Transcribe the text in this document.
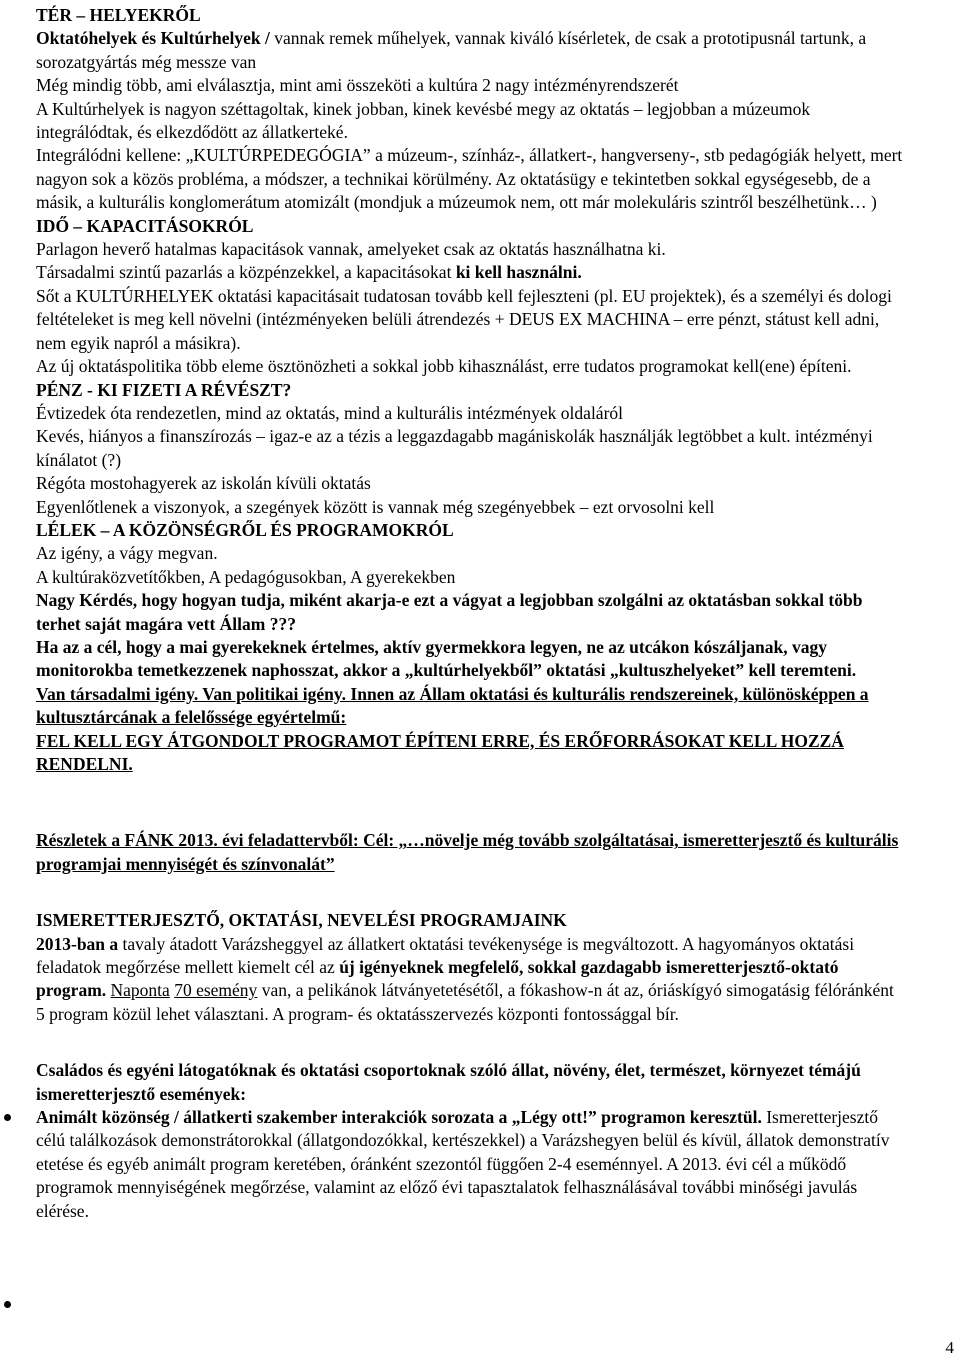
TÉR – HELYEKRŐL

Oktatóhelyek és Kultúrhelyek / vannak remek műhelyek, vannak kiváló kísérletek, de csak a prototipusnál tartunk, a sorozatgyártás még messze van

Még mindig több, ami elválasztja, mint ami összeköti a kultúra 2 nagy intézményrendszerét

A Kultúrhelyek is nagyon széttagoltak, kinek jobban, kinek kevésbé megy az oktatás – legjobban a múzeumok integrálódtak, és elkezdődött az állatkerteké.

Integrálódni kellene: „KULTÚRPEDEGÓGIA” a múzeum-, színház-, állatkert-, hangverseny-, stb pedagógiák helyett, mert nagyon sok a közös probléma, a módszer, a technikai körülmény. Az oktatásügy e tekintetben sokkal egységesebb, de a másik, a kulturális konglomerátum atomizált (mondjuk a múzeumok nem, ott már molekuláris szintről beszélhetünk… )

IDŐ – KAPACITÁSOKRÓL

Parlagon heverő hatalmas kapacitások vannak, amelyeket csak az oktatás használhatna ki.

Társadalmi szintű pazarlás a közpénzekkel, a kapacitásokat ki kell használni.

Sőt a KULTÚRHELYEK oktatási kapacitásait tudatosan tovább kell fejleszteni (pl. EU projektek), és a személyi és dologi feltételeket is meg kell növelni (intézményeken belüli átrendezés + DEUS EX MACHINA – erre pénzt, státust kell adni, nem egyik napról a másikra).

Az új oktatáspolitika több eleme ösztönözheti a sokkal jobb kihasználást, erre tudatos programokat kell(ene) építeni.

PÉNZ - KI FIZETI A RÉVÉSZT?

Évtizedek óta rendezetlen, mind az oktatás, mind a kulturális intézmények oldaláról

Kevés, hiányos a finanszírozás – igaz-e az a tézis a leggazdagabb magániskolák használják legtöbbet a kult. intézményi kínálatot (?)

Régóta mostohagyerek az iskolán kívüli oktatás

Egyenlőtlenek a viszonyok, a szegények között is vannak még szegényebbek – ezt orvosolni kell

LÉLEK – A KÖZÖNSÉGRŐL ÉS PROGRAMOKRÓL

Az igény, a vágy megvan.

A kultúraközvetítőkben, A pedagógusokban, A gyerekekben

Nagy Kérdés, hogy hogyan tudja, miként akarja-e ezt a vágyat a legjobban szolgálni az oktatásban sokkal több terhet saját magára vett Állam ???

Ha az a cél, hogy a mai gyerekeknek értelmes, aktív gyermekkora legyen, ne az utcákon kószáljanak, vagy monitorokba temetkezzenek naphosszat, akkor a „kultúrhelyekből” oktatási „kultuszhelyeket” kell teremteni.

Van társadalmi igény. Van politikai igény. Innen az Állam oktatási és kulturális rendszereinek, különösképpen a kultusztárcának a felelőssége egyértelmű:

FEL KELL EGY ÁTGONDOLT PROGRAMOT ÉPÍTENI ERRE, ÉS ERŐFORRÁSOKAT KELL HOZZÁ RENDELNI.

Részletek a FÁNK 2013. évi feladattervből: Cél: „…növelje még tovább szolgáltatásai, ismeretterjesztő és kulturális programjai mennyiségét és színvonalát”

ISMERETTERJESZTŐ, OKTATÁSI, NEVELÉSI PROGRAMJAINK

2013-ban a tavaly átadott Varázsheggyel az állatkert oktatási tevékenysége is megváltozott. A hagyományos oktatási feladatok megőrzése mellett kiemelt cél az új igényeknek megfelelő, sokkal gazdagabb ismeretterjesztő-oktató program. Naponta 70 esemény van, a pelikánok látványetetésétől, a fókashow-n át az, óriáskígyó simogatásig félóránként 5 program közül lehet választani. A program- és oktatásszervezés központi fontossággal bír.

Családos és egyéni látogatóknak és oktatási csoportoknak szóló állat, növény, élet, természet, környezet témájú ismeretterjesztő események:

Animált közönség / állatkerti szakember interakciók sorozata a „Légy ott!” programon keresztül. Ismeretterjesztő célú találkozások demonstrátorokkal (állatgondozókkal, kertészekkel) a Varázshegyen belül és kívül, állatok demonstratív etetése és egyéb animált program keretében, óránként szezontól függően 2-4 eseménnyel. A 2013. évi cél a működő programok mennyiségének megőrzése, valamint az előző évi tapasztalatok felhasználásával további minőségi javulás elérése.

4
